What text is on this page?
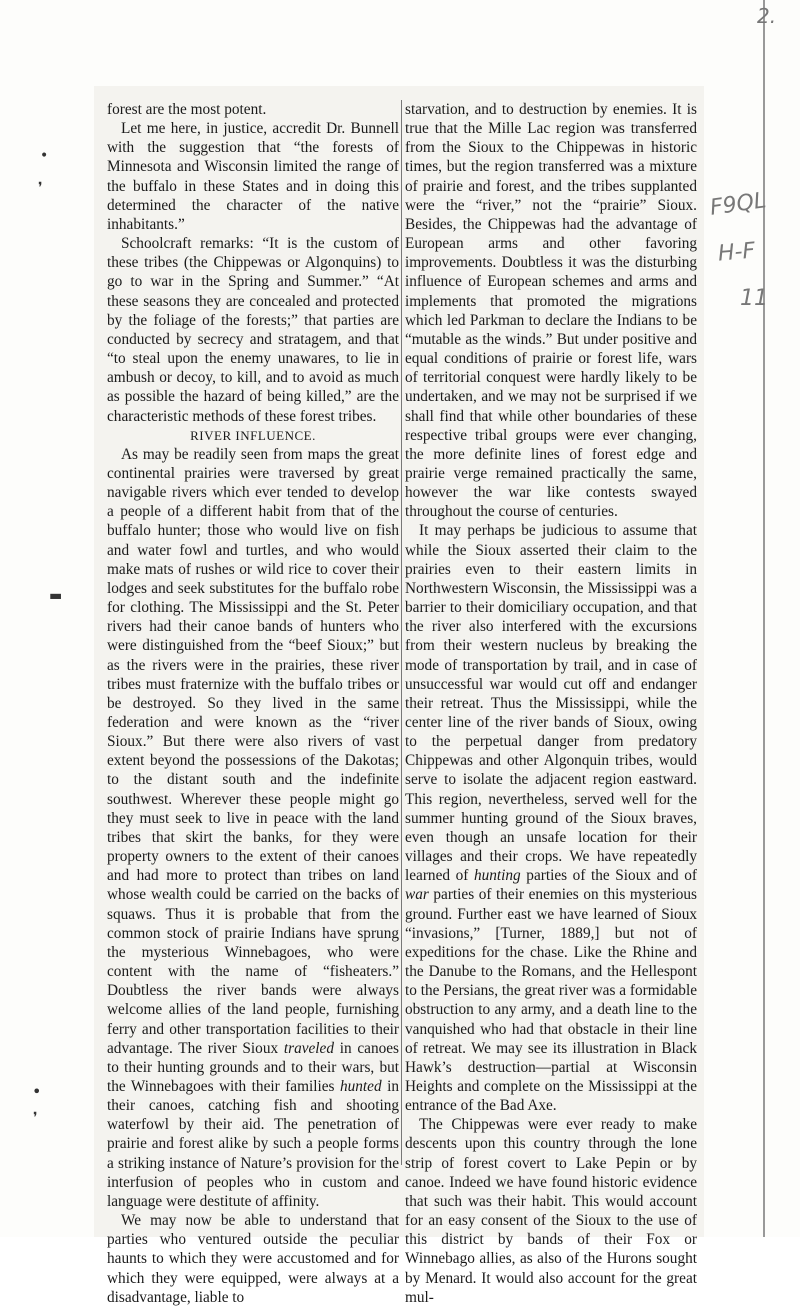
2.
F9QL
H-F
11
•
❜
▬
•
❜

forest are the most potent.

Let me here, in justice, accredit Dr. Bunnell with the suggestion that “the forests of Minnesota and Wisconsin limited the range of the buffalo in these States and in doing this determined the character of the native inhabitants.”

Schoolcraft remarks: “It is the custom of these tribes (the Chippewas or Algonquins) to go to war in the Spring and Summer.” “At these seasons they are concealed and protected by the foliage of the forests;” that parties are conducted by secrecy and stratagem, and that “to steal upon the enemy unawares, to lie in ambush or decoy, to kill, and to avoid as much as possible the hazard of being killed,” are the characteristic methods of these forest tribes.

RIVER INFLUENCE.

As may be readily seen from maps the great continental prairies were traversed by great navigable rivers which ever tended to develop a people of a different habit from that of the buffalo hunter; those who would live on fish and water fowl and turtles, and who would make mats of rushes or wild rice to cover their lodges and seek substitutes for the buffalo robe for clothing. The Mississippi and the St. Peter rivers had their canoe bands of hunters who were distinguished from the “beef Sioux;” but as the rivers were in the prairies, these river tribes must fraternize with the buffalo tribes or be destroyed. So they lived in the same federation and were known as the “river Sioux.” But there were also rivers of vast extent beyond the possessions of the Dakotas; to the distant south and the indefinite southwest. Wherever these people might go they must seek to live in peace with the land tribes that skirt the banks, for they were property owners to the extent of their canoes and had more to protect than tribes on land whose wealth could be carried on the backs of squaws. Thus it is probable that from the common stock of prairie Indians have sprung the mysterious Winnebagoes, who were content with the name of “fisheaters.” Doubtless the river bands were always welcome allies of the land people, furnishing ferry and other transportation facilities to their advantage. The river Sioux traveled in canoes to their hunting grounds and to their wars, but the Winnebagoes with their families hunted in their canoes, catching fish and shooting waterfowl by their aid. The penetration of prairie and forest alike by such a people forms a striking instance of Nature’s provision for the interfusion of peoples who in custom and language were destitute of affinity.

We may now be able to understand that parties who ventured outside the peculiar haunts to which they were accustomed and for which they were equipped, were always at a disadvantage, liable to

starvation, and to destruction by enemies. It is true that the Mille Lac region was transferred from the Sioux to the Chippewas in historic times, but the region transferred was a mixture of prairie and forest, and the tribes supplanted were the “river,” not the “prairie” Sioux. Besides, the Chippewas had the advantage of European arms and other favoring improvements. Doubtless it was the disturbing influence of European schemes and arms and implements that promoted the migrations which led Parkman to declare the Indians to be “mutable as the winds.” But under positive and equal conditions of prairie or forest life, wars of territorial conquest were hardly likely to be undertaken, and we may not be surprised if we shall find that while other boundaries of these respective tribal groups were ever changing, the more definite lines of forest edge and prairie verge remained practically the same, however the war like contests swayed throughout the course of centuries.

It may perhaps be judicious to assume that while the Sioux asserted their claim to the prairies even to their eastern limits in Northwestern Wisconsin, the Mississippi was a barrier to their domiciliary occupation, and that the river also interfered with the excursions from their western nucleus by breaking the mode of transportation by trail, and in case of unsuccessful war would cut off and endanger their retreat. Thus the Mississippi, while the center line of the river bands of Sioux, owing to the perpetual danger from predatory Chippewas and other Algonquin tribes, would serve to isolate the adjacent region eastward. This region, nevertheless, served well for the summer hunting ground of the Sioux braves, even though an unsafe location for their villages and their crops. We have repeatedly learned of hunting parties of the Sioux and of war parties of their enemies on this mysterious ground. Further east we have learned of Sioux “invasions,” [Turner, 1889,] but not of expeditions for the chase. Like the Rhine and the Danube to the Romans, and the Hellespont to the Persians, the great river was a formidable obstruction to any army, and a death line to the vanquished who had that obstacle in their line of retreat. We may see its illustration in Black Hawk’s destruction—partial at Wisconsin Heights and complete on the Mississippi at the entrance of the Bad Axe.

The Chippewas were ever ready to make descents upon this country through the lone strip of forest covert to Lake Pepin or by canoe. Indeed we have found historic evidence that such was their habit. This would account for an easy consent of the Sioux to the use of this district by bands of their Fox or Winnebago allies, as also of the Hurons sought by Menard. It would also account for the great mul-
